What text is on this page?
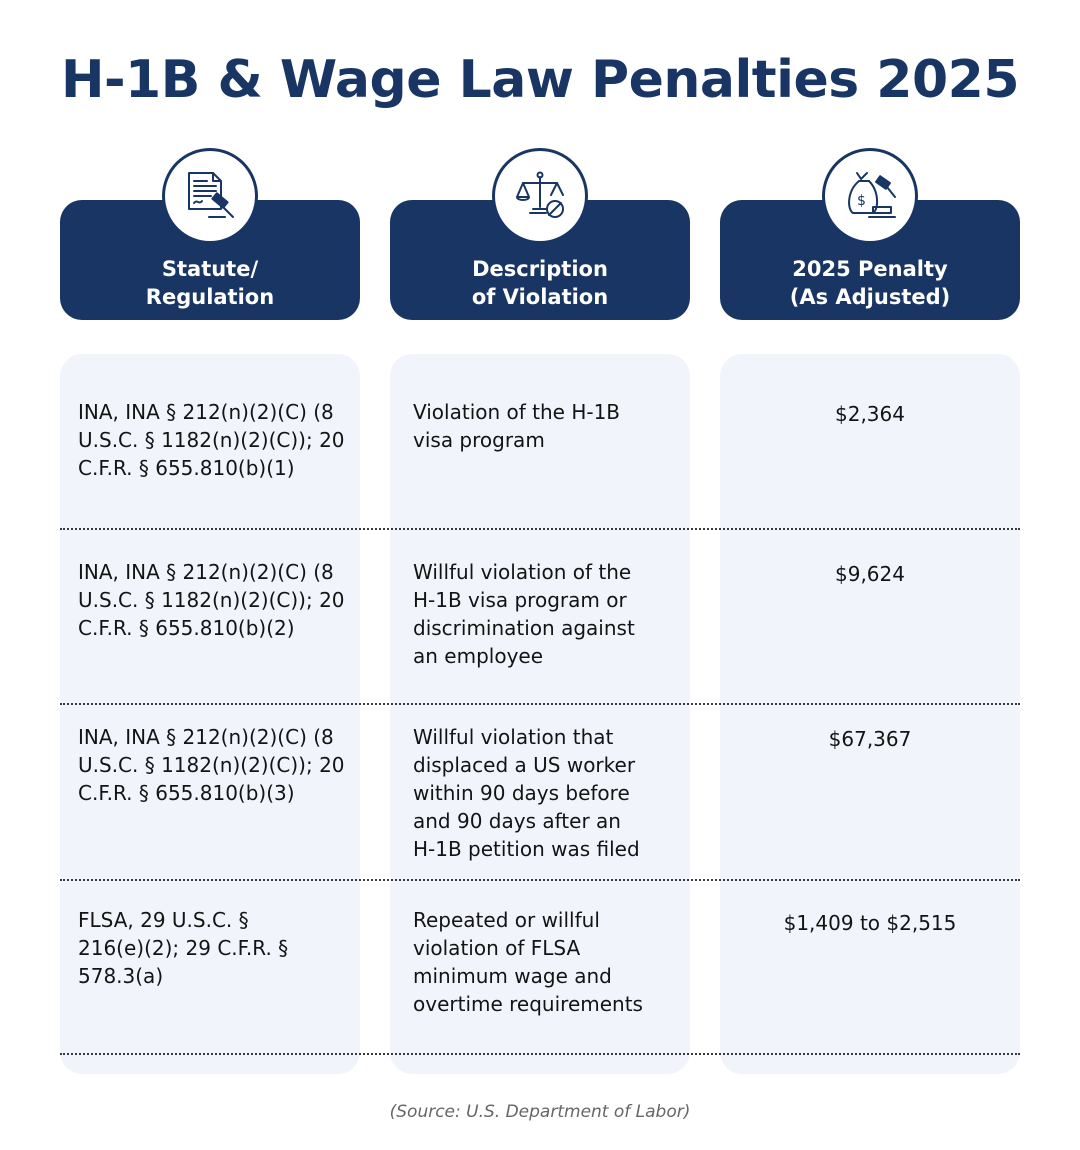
H-1B & Wage Law Penalties 2025
Statute/
Regulation
Description
of Violation
2025 Penalty
(As Adjusted)
$
INA, INA § 212(n)(2)(C) (8
U.S.C. § 1182(n)(2)(C)); 20
C.F.R. § 655.810(b)(1)
Violation of the H-1B
visa program
$2,364
INA, INA § 212(n)(2)(C) (8
U.S.C. § 1182(n)(2)(C)); 20
C.F.R. § 655.810(b)(2)
Willful violation of the
H-1B visa program or
discrimination against
an employee
$9,624
INA, INA § 212(n)(2)(C) (8
U.S.C. § 1182(n)(2)(C)); 20
C.F.R. § 655.810(b)(3)
Willful violation that
displaced a US worker
within 90 days before
and 90 days after an
H-1B petition was filed
$67,367
FLSA, 29 U.S.C. §
216(e)(2); 29 C.F.R. §
578.3(a)
Repeated or willful
violation of FLSA
minimum wage and
overtime requirements
$1,409 to $2,515
(Source: U.S. Department of Labor)
